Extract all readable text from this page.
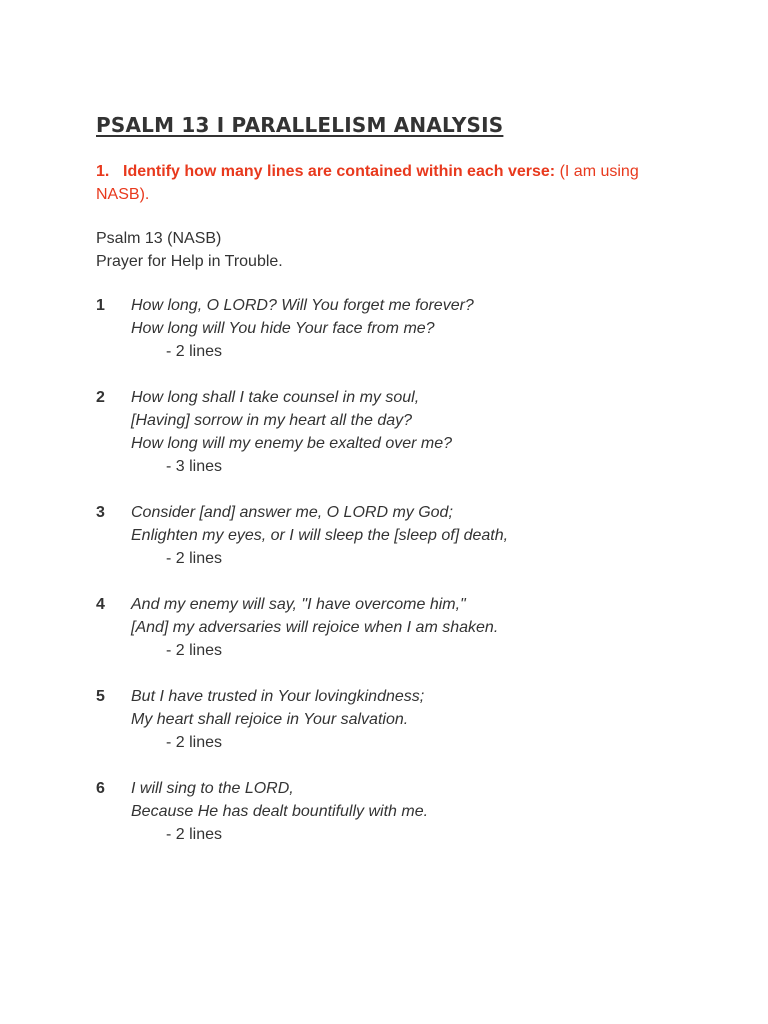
PSALM 13 I PARALLELISM ANALYSIS
1. Identify how many lines are contained within each verse: (I am using NASB).
Psalm 13 (NASB)
Prayer for Help in Trouble.
1	How long, O LORD? Will You forget me forever?
How long will You hide Your face from me?
- 2 lines
2	How long shall I take counsel in my soul,
[Having] sorrow in my heart all the day?
How long will my enemy be exalted over me?
- 3 lines
3	Consider [and] answer me, O LORD my God;
Enlighten my eyes, or I will sleep the [sleep of] death,
- 2 lines
4	And my enemy will say, "I have overcome him,"
[And] my adversaries will rejoice when I am shaken.
- 2 lines
5	But I have trusted in Your lovingkindness;
My heart shall rejoice in Your salvation.
- 2 lines
6	I will sing to the LORD,
Because He has dealt bountifully with me.
- 2 lines
